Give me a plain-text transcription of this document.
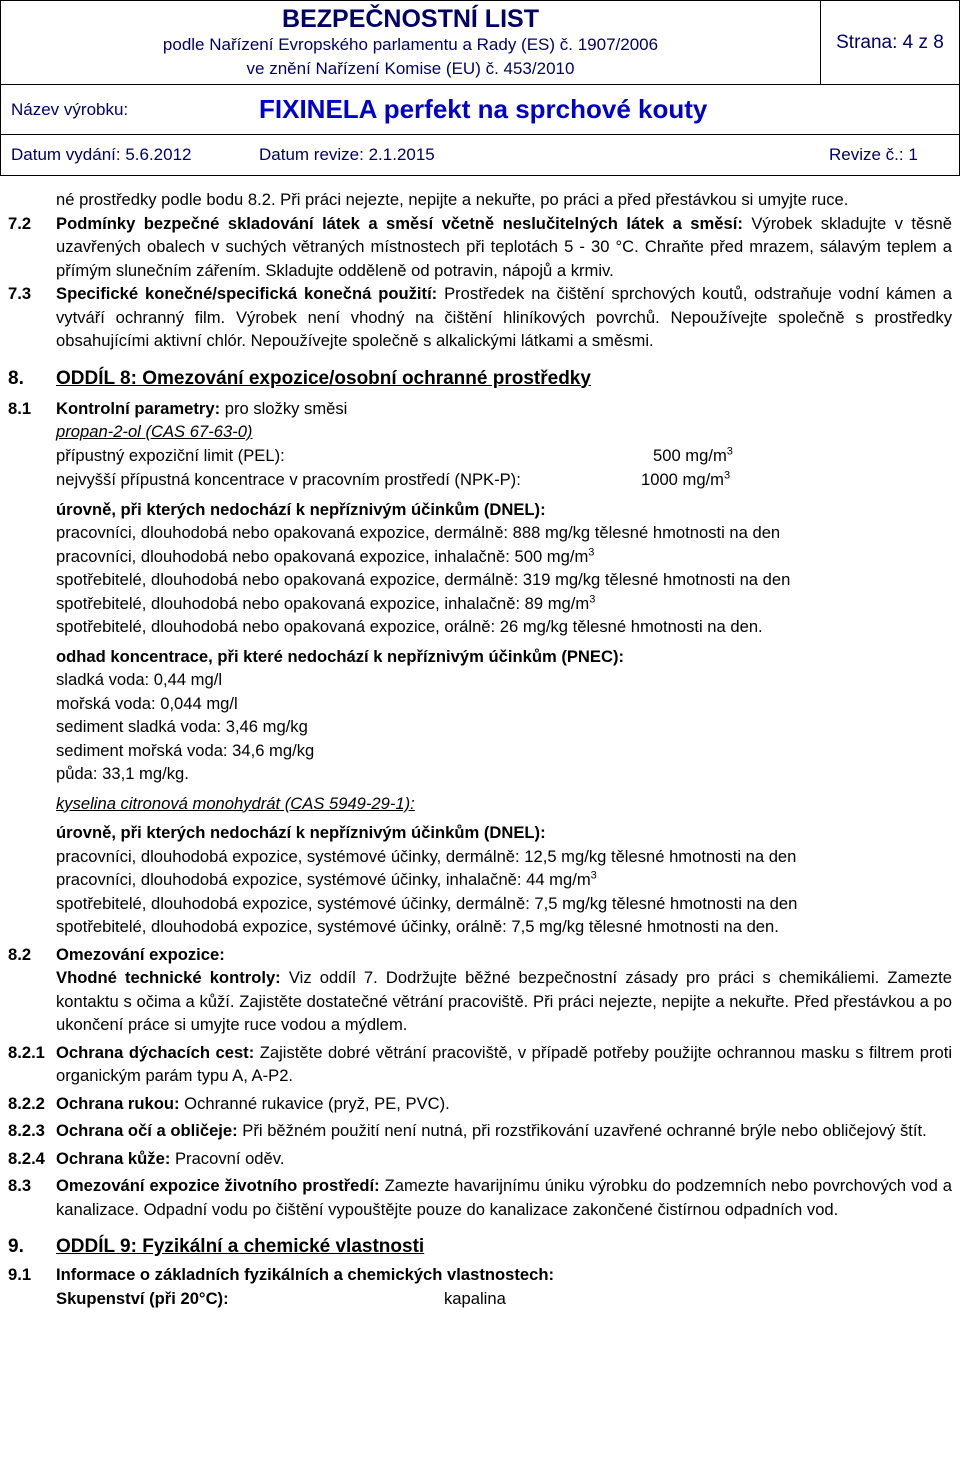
BEZPEČNOSTNÍ LIST
podle Nařízení Evropského parlamentu a Rady (ES) č. 1907/2006
ve znění Nařízení Komise (EU) č. 453/2010
Strana: 4 z 8
Název výrobku:	FIXINELA perfekt na sprchové kouty
Datum vydání: 5.6.2012	Datum revize: 2.1.2015	Revize č.: 1
né prostředky podle bodu 8.2. Při práci nejezte, nepijte a nekuřte, po práci a před přestávkou si umyjte ruce.
7.2	Podmínky bezpečné skladování látek a směsí včetně neslučitelných látek a směsí: Výrobek skladujte v těsně uzavřených obalech v suchých větraných místnostech při teplotách 5 - 30 °C. Chraňte před mrazem, sálavým teplem a přímým slunečním zářením. Skladujte odděleně od potravin, nápojů a krmiv.
7.3	Specifické konečné/specifická konečná použití: Prostředek na čištění sprchových koutů, odstraňuje vodní kámen a vytváří ochranný film. Výrobek není vhodný na čištění hliníkových povrchů. Nepoužívejte společně s prostředky obsahujícími aktivní chlór. Nepoužívejte společně s alkalickými látkami a směsmi.
8.	ODDÍL 8: Omezování expozice/osobní ochranné prostředky
8.1	Kontrolní parametry: pro složky směsi
propan-2-ol (CAS 67-63-0)
přípustný expoziční limit (PEL):	500 $mg/m^3$
nejvyšší přípustná koncentrace v pracovním prostředí (NPK-P):	1000 $mg/m^3$
úrovně, při kterých nedochází k nepříznivým účinkům (DNEL):
pracovníci, dlouhodobá nebo opakovaná expozice, dermálně: 888 mg/kg tělesné hmotnosti na den
pracovníci, dlouhodobá nebo opakovaná expozice, inhalačně: 500 $mg/m^3$
spotřebitelé, dlouhodobá nebo opakovaná expozice, dermálně: 319 mg/kg tělesné hmotnosti na den
spotřebitelé, dlouhodobá nebo opakovaná expozice, inhalačně: 89 $mg/m^3$
spotřebitelé, dlouhodobá nebo opakovaná expozice, orálně: 26 mg/kg tělesné hmotnosti na den.
odhad koncentrace, při které nedochází k nepříznivým účinkům (PNEC):
sladká voda: 0,44 mg/l
mořská voda: 0,044 mg/l
sediment sladká voda: 3,46 mg/kg
sediment mořská voda: 34,6 mg/kg
půda: 33,1 mg/kg.
kyselina citronová monohydrát (CAS 5949-29-1):
úrovně, při kterých nedochází k nepříznivým účinkům (DNEL):
pracovníci, dlouhodobá expozice, systémové účinky, dermálně: 12,5 mg/kg tělesné hmotnosti na den
pracovníci, dlouhodobá expozice, systémové účinky, inhalačně: 44 $mg/m^3$
spotřebitelé, dlouhodobá expozice, systémové účinky, dermálně: 7,5 mg/kg tělesné hmotnosti na den
spotřebitelé, dlouhodobá expozice, systémové účinky, orálně: 7,5 mg/kg tělesné hmotnosti na den.
8.2	Omezování expozice:
Vhodné technické kontroly: Viz oddíl 7. Dodržujte běžné bezpečnostní zásady pro práci s chemikáliemi. Zamezte kontaktu s očima a kůží. Zajistěte dostatečné větrání pracoviště. Při práci nejezte, nepijte a nekuřte. Před přestávkou a po ukončení práce si umyjte ruce vodou a mýdlem.
8.2.1 Ochrana dýchacích cest: Zajistěte dobré větrání pracoviště, v případě potřeby použijte ochrannou masku s filtrem proti organickým parám typu A, A-P2.
8.2.2 Ochrana rukou: Ochranné rukavice (pryž, PE, PVC).
8.2.3 Ochrana očí a obličeje: Při běžném použití není nutná, při rozstřikování uzavřené ochranné brýle nebo obličejový štít.
8.2.4 Ochrana kůže: Pracovní oděv.
8.3	Omezování expozice životního prostředí: Zamezte havarijnímu úniku výrobku do podzemních nebo povrchových vod a kanalizace. Odpadní vodu po čištění vypouštějte pouze do kanalizace zakončené čistírnou odpadních vod.
9.	ODDÍL 9: Fyzikální a chemické vlastnosti
9.1	Informace o základních fyzikálních a chemických vlastnostech:
Skupenství (při 20°C):	kapalina
